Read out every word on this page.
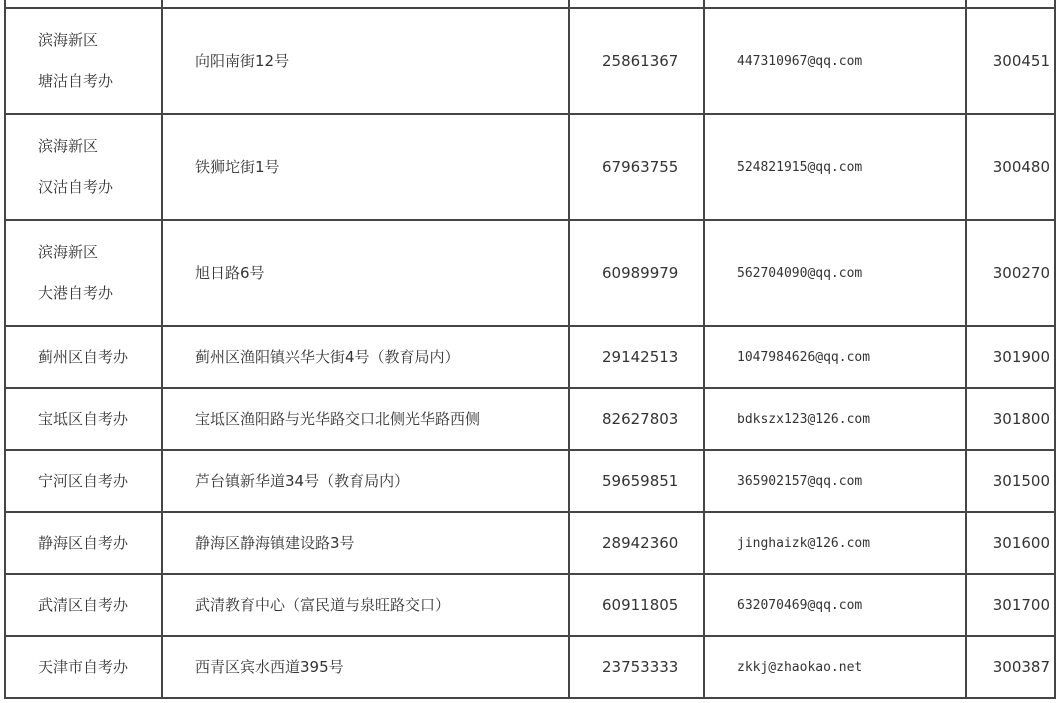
滨海新区
塘沽自考办	向阳南街12号	25861367	447310967@qq.com	300451

滨海新区
汉沽自考办	铁狮坨街1号	67963755	524821915@qq.com	300480

滨海新区
大港自考办	旭日路6号	60989979	562704090@qq.com	300270

蓟州区自考办	蓟州区渔阳镇兴华大街4号（教育局内）	29142513	1047984626@qq.com	301900

宝坻区自考办	宝坻区渔阳路与光华路交口北侧光华路西侧	82627803	bdkszx123@126.com	301800

宁河区自考办	芦台镇新华道34号（教育局内）	59659851	365902157@qq.com	301500

静海区自考办	静海区静海镇建设路3号	28942360	jinghaizk@126.com	301600

武清区自考办	武清教育中心（富民道与泉旺路交口）	60911805	632070469@qq.com	301700

天津市自考办	西青区宾水西道395号	23753333	zkkj@zhaokao.net	300387
